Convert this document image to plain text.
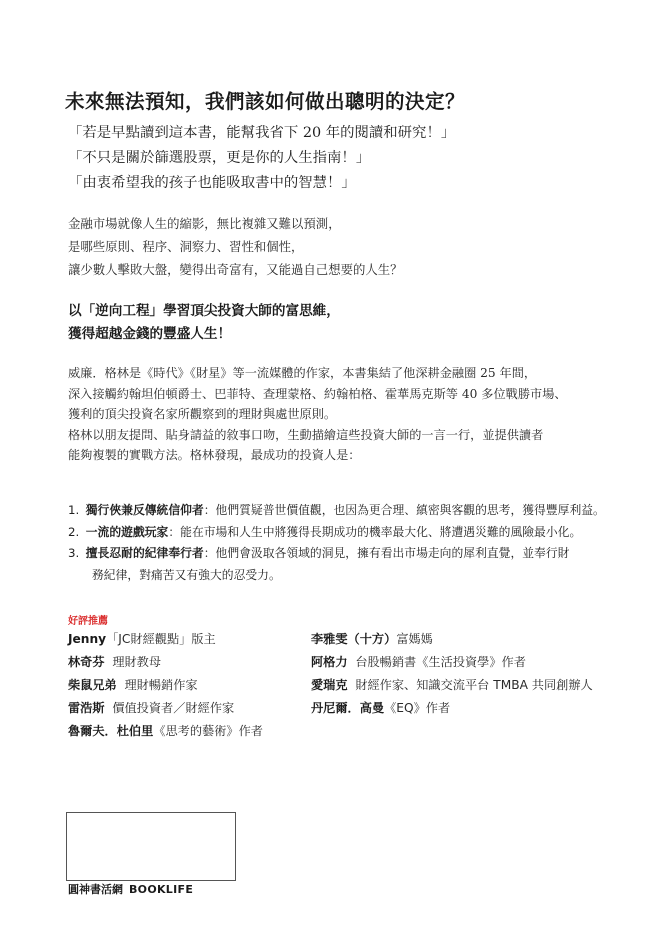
未來無法預知，我們該如何做出聰明的決定？
「若是早點讀到這本書，能幫我省下 20 年的閱讀和研究！」
「不只是關於篩選股票，更是你的人生指南！」
「由衷希望我的孩子也能吸取書中的智慧！」
金融市場就像人生的縮影，無比複雜又難以預測，
是哪些原則、程序、洞察力、習性和個性，
讓少數人擊敗大盤，變得出奇富有，又能過自己想要的人生？
以「逆向工程」學習頂尖投資大師的富思維，
獲得超越金錢的豐盛人生！
威廉．格林是《時代》《財星》等一流媒體的作家，本書集結了他深耕金融圈 25 年間，
深入接觸約翰坦伯頓爵士、巴菲特、查理蒙格、約翰柏格、霍華馬克斯等 40 多位戰勝市場、
獲利的頂尖投資名家所觀察到的理財與處世原則。
格林以朋友提問、貼身請益的敘事口吻，生動描繪這些投資大師的一言一行，並提供讀者
能夠複製的實戰方法。格林發現，最成功的投資人是：
1. 獨行俠兼反傳統信仰者：他們質疑普世價值觀，也因為更合理、縝密與客觀的思考，獲得豐厚利益。
2. 一流的遊戲玩家：能在市場和人生中將獲得長期成功的機率最大化、將遭遇災難的風險最小化。
3. 擅長忍耐的紀律奉行者：他們會汲取各領域的洞見，擁有看出市場走向的犀利直覺，並奉行財
務紀律，對痛苦又有強大的忍受力。
好評推薦
Jenny「JC財經觀點」版主
林奇芬 理財教母
柴鼠兄弟 理財暢銷作家
雷浩斯 價值投資者／財經作家
魯爾夫．杜伯里《思考的藝術》作者
李雅雯（十方）富媽媽
阿格力 台股暢銷書《生活投資學》作者
愛瑞克 財經作家、知識交流平台 TMBA 共同創辦人
丹尼爾．高曼《EQ》作者
圓神書活網 BOOKLIFE
